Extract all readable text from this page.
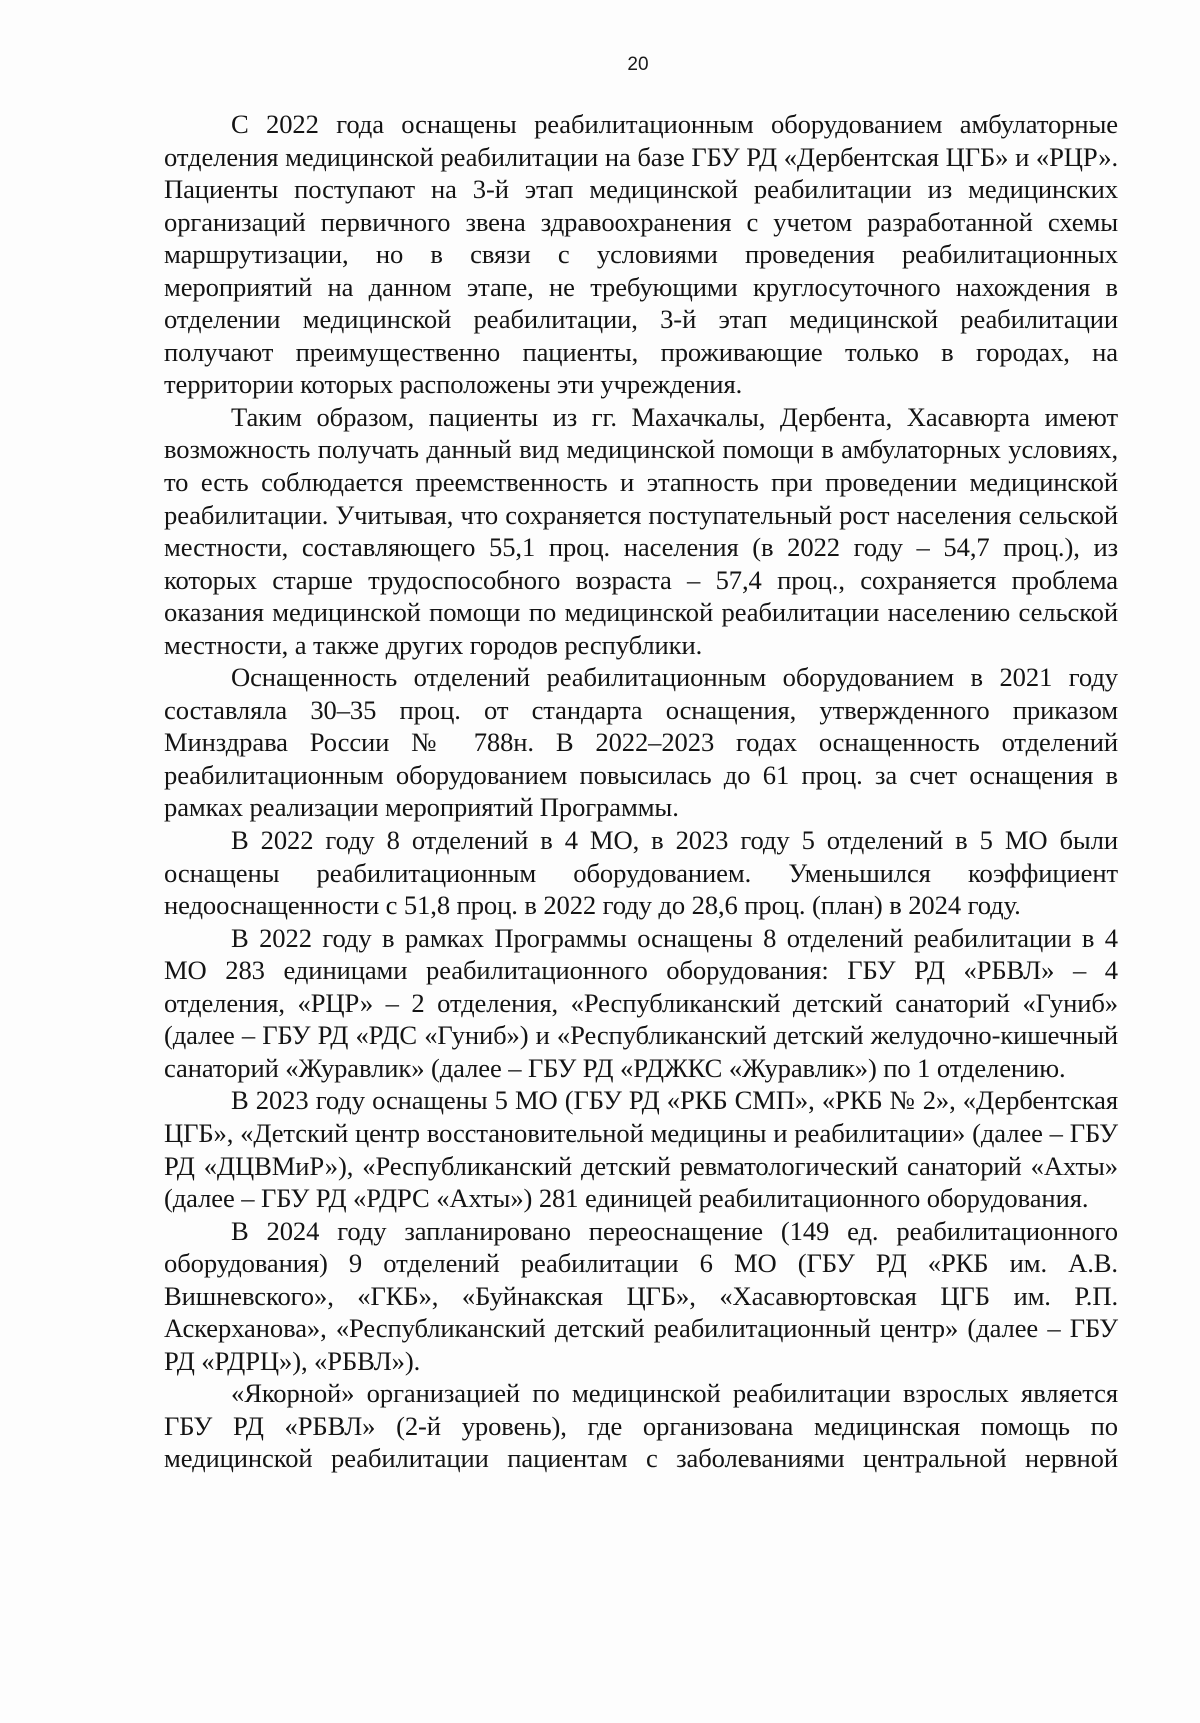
20

С 2022 года оснащены реабилитационным оборудованием амбулаторные отделения медицинской реабилитации на базе ГБУ РД «Дербентская ЦГБ» и «РЦР». Пациенты поступают на 3-й этап медицинской реабилитации из медицинских организаций первичного звена здравоохранения с учетом разработанной схемы маршрутизации, но в связи с условиями проведения реабилитационных мероприятий на данном этапе, не требующими круглосуточного нахождения в отделении медицинской реабилитации, 3-й этап медицинской реабилитации получают преимущественно пациенты, проживающие только в городах, на территории которых расположены эти учреждения.

Таким образом, пациенты из гг. Махачкалы, Дербента, Хасавюрта имеют возможность получать данный вид медицинской помощи в амбулаторных условиях, то есть соблюдается преемственность и этапность при проведении медицинской реабилитации. Учитывая, что сохраняется поступательный рост населения сельской местности, составляющего 55,1 проц. населения (в 2022 году – 54,7 проц.), из которых старше трудоспособного возраста – 57,4 проц., сохраняется проблема оказания медицинской помощи по медицинской реабилитации населению сельской местности, а также других городов республики.

Оснащенность отделений реабилитационным оборудованием в 2021 году составляла 30–35 проц. от стандарта оснащения, утвержденного приказом Минздрава России № 788н. В 2022–2023 годах оснащенность отделений реабилитационным оборудованием повысилась до 61 проц. за счет оснащения в рамках реализации мероприятий Программы.

В 2022 году 8 отделений в 4 МО, в 2023 году 5 отделений в 5 МО были оснащены реабилитационным оборудованием. Уменьшился коэффициент недооснащенности с 51,8 проц. в 2022 году до 28,6 проц. (план) в 2024 году.

В 2022 году в рамках Программы оснащены 8 отделений реабилитации в 4 МО 283 единицами реабилитационного оборудования: ГБУ РД «РБВЛ» – 4 отделения, «РЦР» – 2 отделения, «Республиканский детский санаторий «Гуниб» (далее – ГБУ РД «РДС «Гуниб») и «Республиканский детский желудочно-кишечный санаторий «Журавлик» (далее – ГБУ РД «РДЖКС «Журавлик») по 1 отделению.

В 2023 году оснащены 5 МО (ГБУ РД «РКБ СМП», «РКБ № 2», «Дербентская ЦГБ», «Детский центр восстановительной медицины и реабилитации» (далее – ГБУ РД «ДЦВМиР»), «Республиканский детский ревматологический санаторий «Ахты» (далее – ГБУ РД «РДРС «Ахты») 281 единицей реабилитационного оборудования.

В 2024 году запланировано переоснащение (149 ед. реабилитационного оборудования) 9 отделений реабилитации 6 МО (ГБУ РД «РКБ им. А.В. Вишневского», «ГКБ», «Буйнакская ЦГБ», «Хасавюртовская ЦГБ им. Р.П. Аскерханова», «Республиканский детский реабилитационный центр» (далее – ГБУ РД «РДРЦ»), «РБВЛ»).

«Якорной» организацией по медицинской реабилитации взрослых является ГБУ РД «РБВЛ» (2-й уровень), где организована медицинская помощь по медицинской реабилитации пациентам с заболеваниями центральной нервной
